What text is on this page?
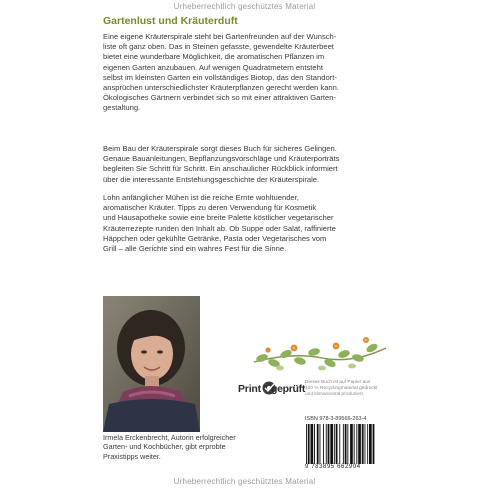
Urheberrechtlich geschütztes Material
Gartenlust und Kräuterduft
Eine eigene Kräuterspirale steht bei Gartenfreunden auf der Wunsch-
liste oft ganz oben. Das in Steinen gefasste, gewendelte Kräuterbeet
bietet eine wunderbare Möglichkeit, die aromatischen Pflanzen im
eigenen Garten anzubauen. Auf wenigen Quadratmetern entsteht
selbst im kleinsten Garten ein vollständiges Biotop, das den Standort-
ansprüchen unterschiedlichster Kräuterpflanzen gerecht werden kann.
Ökologisches Gärtnern verbindet sich so mit einer attraktiven Garten-
gestaltung.
Beim Bau der Kräuterspirale sorgt dieses Buch für sicheres Gelingen.
Genaue Bauanleitungen, Bepflanzungsvorschläge und Kräuterporträts
begleiten Sie Schritt für Schritt. Ein anschaulicher Rückblick informiert
über die interessante Entstehungsgeschichte der Kräuterspirale.
Lohn anfänglicher Mühen ist die reiche Ernte wohltuender,
aromatischer Kräuter. Tipps zu deren Verwendung für Kosmetik
und Hausapotheke sowie eine breite Palette köstlicher vegetarischer
Kräuterrezepte runden den Inhalt ab. Ob Suppe oder Salat, raffinierte
Häppchen oder gekühlte Getränke, Pasta oder Vegetarisches vom
Grill – alle Gerichte sind ein wahres Fest für die Sinne.
Irmela Erckenbrecht, Autorin erfolgreicher
Garten- und Kochbücher, gibt erprobte
Praxistipps weiter.
Print geprüft
Dieses Buch ist auf Papier aus
100 % Recyclingmaterial gedruckt
und klimaneutral produziert.
ISBN 978-3-89566-263-4
9 783895 662904
Urheberrechtlich geschütztes Material
